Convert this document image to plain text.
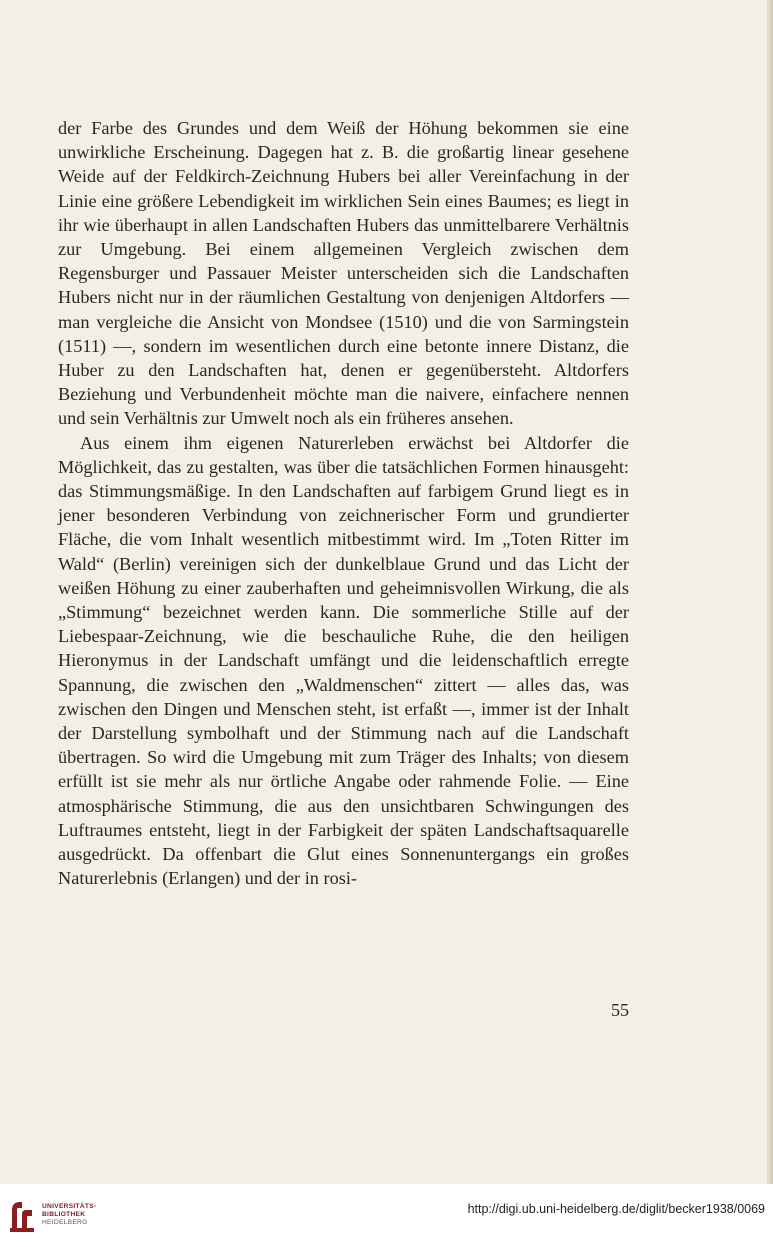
der Farbe des Grundes und dem Weiß der Höhung bekommen sie eine unwirkliche Erscheinung. Dagegen hat z. B. die großartig linear gesehene Weide auf der Feldkirch-Zeichnung Hubers bei aller Vereinfachung in der Linie eine größere Lebendigkeit im wirklichen Sein eines Baumes; es liegt in ihr wie überhaupt in allen Landschaften Hubers das unmittelbarere Verhältnis zur Umgebung. Bei einem allgemeinen Vergleich zwischen dem Regensburger und Passauer Meister unterscheiden sich die Landschaften Hubers nicht nur in der räumlichen Gestaltung von denjenigen Altdorfers — man vergleiche die Ansicht von Mondsee (1510) und die von Sarmingstein (1511) —, sondern im wesentlichen durch eine betonte innere Distanz, die Huber zu den Landschaften hat, denen er gegenübersteht. Altdorfers Beziehung und Verbundenheit möchte man die naivere, einfachere nennen und sein Verhältnis zur Umwelt noch als ein früheres ansehen.

Aus einem ihm eigenen Naturerleben erwächst bei Altdorfer die Möglichkeit, das zu gestalten, was über die tatsächlichen Formen hinausgeht: das Stimmungsmäßige. In den Landschaften auf farbigem Grund liegt es in jener besonderen Verbindung von zeichnerischer Form und grundierter Fläche, die vom Inhalt wesentlich mitbestimmt wird. Im „Toten Ritter im Wald“ (Berlin) vereinigen sich der dunkelblaue Grund und das Licht der weißen Höhung zu einer zauberhaften und geheimnisvollen Wirkung, die als „Stimmung“ bezeichnet werden kann. Die sommerliche Stille auf der Liebespaar-Zeichnung, wie die beschauliche Ruhe, die den heiligen Hieronymus in der Landschaft umfängt und die leidenschaftlich erregte Spannung, die zwischen den „Waldmenschen“ zittert — alles das, was zwischen den Dingen und Menschen steht, ist erfaßt —, immer ist der Inhalt der Darstellung symbolhaft und der Stimmung nach auf die Landschaft übertragen. So wird die Umgebung mit zum Träger des Inhalts; von diesem erfüllt ist sie mehr als nur örtliche Angabe oder rahmende Folie. — Eine atmosphärische Stimmung, die aus den unsichtbaren Schwingungen des Luftraumes entsteht, liegt in der Farbigkeit der späten Landschaftsaquarelle ausgedrückt. Da offenbart die Glut eines Sonnenuntergangs ein großes Naturerlebnis (Erlangen) und der in rosi-

55
UNIVERSITÄTS-
BIBLIOTHEK
HEIDELBERG
http://digi.ub.uni-heidelberg.de/diglit/becker1938/0069
